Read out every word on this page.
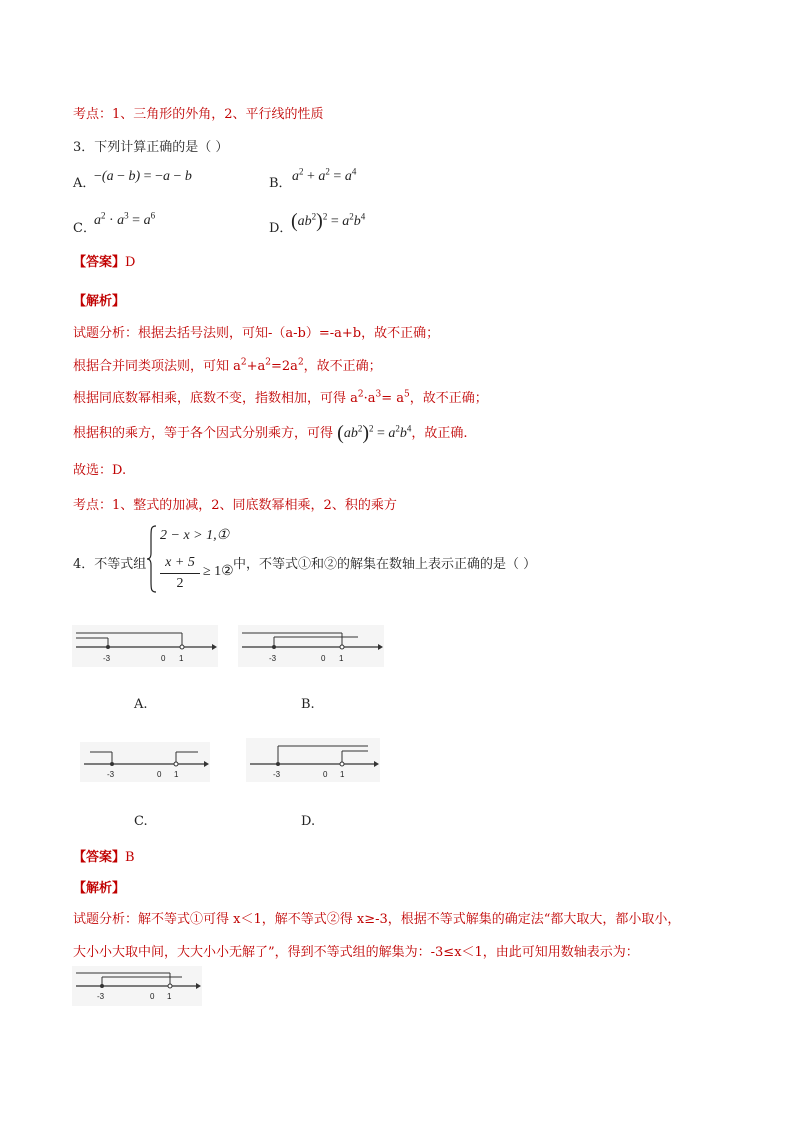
考点：1、三角形的外角，2、平行线的性质
3．下列计算正确的是（ ）
A．
−(a − b) = −a − b	B． $a^2 + a^2 = a^4$
C．
$a^2 \cdot a^3 = a^6$
D．
$(ab^2)^2 = a^2b^4$
【答案】D
【解析】
试题分析：根据去括号法则，可知-（a-b）=-a+b，故不正确；
根据合并同类项法则，可知 $a^2+a^2=2a^2$，故不正确；
根据同底数幂相乘，底数不变，指数相加，可得 $a^2\cdot a^3= a^5$，故不正确；
根据积的乘方，等于各个因式分别乘方，可得 $(ab^2)^2 = a^2b^4$，故正确.
故选：D.
考点：1、整式的加减，2、同底数幂相乘，2、积的乘方
4．不等式组
2 − x > 1,①
x + 5
2
≥ 1② 中，不等式①和②的解集在数轴上表示正确的是（ ）
-3	0 1
A.
-3	0 1
B.
-3	0 1
C.
-3	0 1
D.
【答案】B
【解析】
试题分析：解不等式①可得 x＜1，解不等式②得 x≥-3，根据不等式解集的确定法“都大取大，都小取小，
大小小大取中间，大大小小无解了”，得到不等式组的解集为：-3≤x＜1，由此可知用数轴表示为：
-3	0 1
